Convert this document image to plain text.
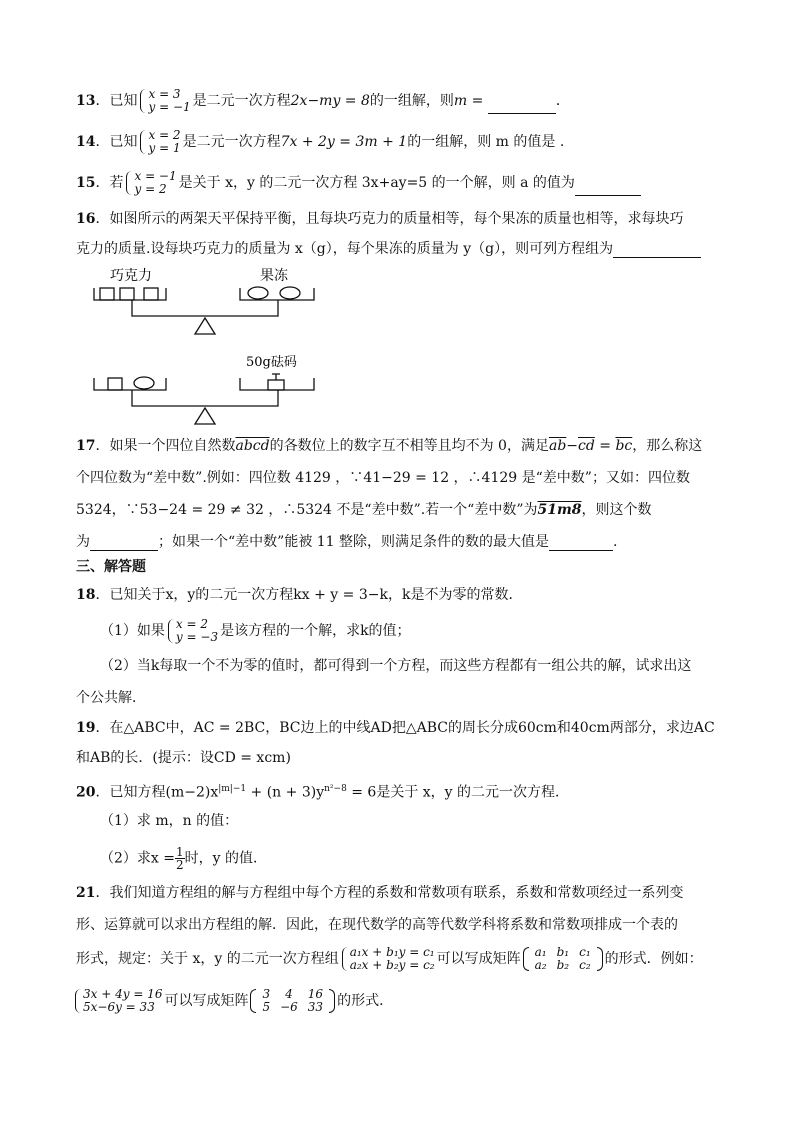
13．已知 x = 3
y = −1 是二元一次方程2x−my = 8的一组解，则m =	．
14．已知 x = 2
y = 1 是二元一次方程7x + 2y = 3m + 1的一组解，则 m 的值是 .
15．若 x = −1
y = 2 是关于 x，y 的二元一次方程 3x+ay=5 的一个解，则 a 的值为
16．如图所示的两架天平保持平衡，且每块巧克力的质量相等，每个果冻的质量也相等，求每块巧
克力的质量.设每块巧克力的质量为 x（g），每个果冻的质量为 y（g），则可列方程组为
巧克力	果冻
50g砝码
17．如果一个四位自然数abcd的各数位上的数字互不相等且均不为 0，满足$\overline{ab}-\overline{cd} = \overline{bc}$，那么称这
个四位数为“差中数”.例如：四位数 4129 ，∵41−29 = 12 ，∴4129 是“差中数”；又如：四位数
5324，∵53−24 = 29 ≠ 32 ，∴5324 不是“差中数”.若一个“差中数”为51m8，则这个数
为	；如果一个“差中数”能被 11 整除，则满足条件的数的最大值是	.
三、解答题
18．已知关于x，y的二元一次方程kx + y = 3−k，k是不为零的常数．
（1）如果 x = 2
y = −3 是该方程的一个解，求k的值；
（2）当k每取一个不为零的值时，都可得到一个方程，而这些方程都有一组公共的解，试求出这
个公共解．
19．在△ABC中，AC = 2BC，BC边上的中线AD把△ABC的周长分成60cm和40cm两部分，求边AC
和AB的长．(提示：设CD = xcm)
20．已知方程$(m-2)x^{|m|-1} + (n + 3)y^{n^2-8} = 6$是关于 x，y 的二元一次方程．
（1）求 m，n 的值：
（2）求$x = \frac{1}{2}$ 时，y 的值．
21．我们知道方程组的解与方程组中每个方程的系数和常数项有联系，系数和常数项经过一系列变
形、运算就可以求出方程组的解．因此，在现代数学的高等代数学科将系数和常数项排成一个表的
形式，规定：关于 x，y 的二元一次方程组 a₁x + b₁y = c₁
a₂x + b₂y = c₂ 可以写成矩阵 a₁	b₁	c₁
a₂	b₂	c₂ 的形式．例如：
3x + 4y = 16
5x−6y = 33 可以写成矩阵 3	4	16
5	−6	33 的形式．
